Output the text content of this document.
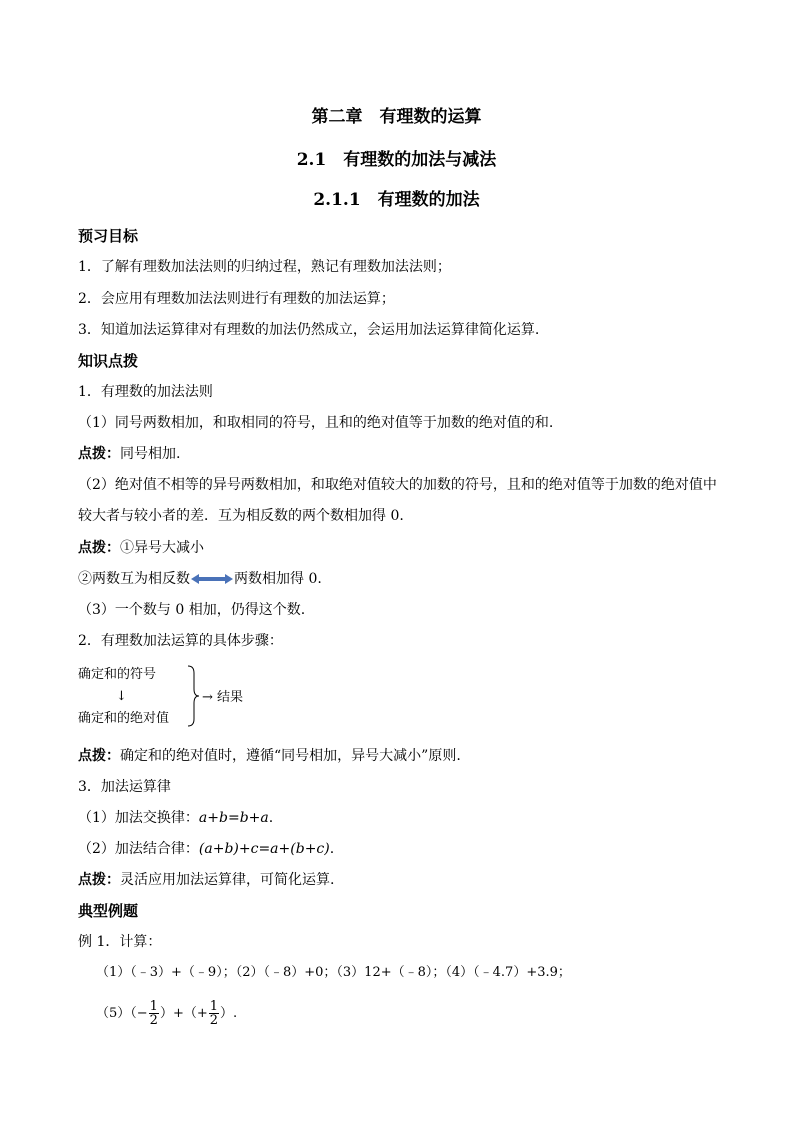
第二章　有理数的运算
2.1　有理数的加法与减法
2.1.1　有理数的加法
预习目标
1．了解有理数加法法则的归纳过程，熟记有理数加法法则；
2．会应用有理数加法法则进行有理数的加法运算；
3．知道加法运算律对有理数的加法仍然成立，会运用加法运算律简化运算.
知识点拨
1．有理数的加法法则
（1）同号两数相加，和取相同的符号，且和的绝对值等于加数的绝对值的和.
点拨：同号相加.
（2）绝对值不相等的异号两数相加，和取绝对值较大的加数的符号，且和的绝对值等于加数的绝对值中
较大者与较小者的差．互为相反数的两个数相加得 0.
点拨：①异号大减小
②两数互为相反数	两数相加得 0.
（3）一个数与 0 相加，仍得这个数.
2．有理数加法运算的具体步骤：
确定和的符号
↓
确定和的绝对值
→ 结果
点拨：确定和的绝对值时，遵循“同号相加，异号大减小”原则.
3．加法运算律
（1）加法交换律：a+b=b+a.
（2）加法结合律：(a+b)+c=a+(b+c).
点拨：灵活应用加法运算律，可简化运算.
典型例题
例 1．计算：
（1）（﹣3）+（﹣9）；（2）（﹣8）+0；（3）12+（﹣8）；（4）（﹣4.7）+3.9；
$(5)(- \frac{1}{2}$ ）+（+ $\frac{1}{2}$ ）.
